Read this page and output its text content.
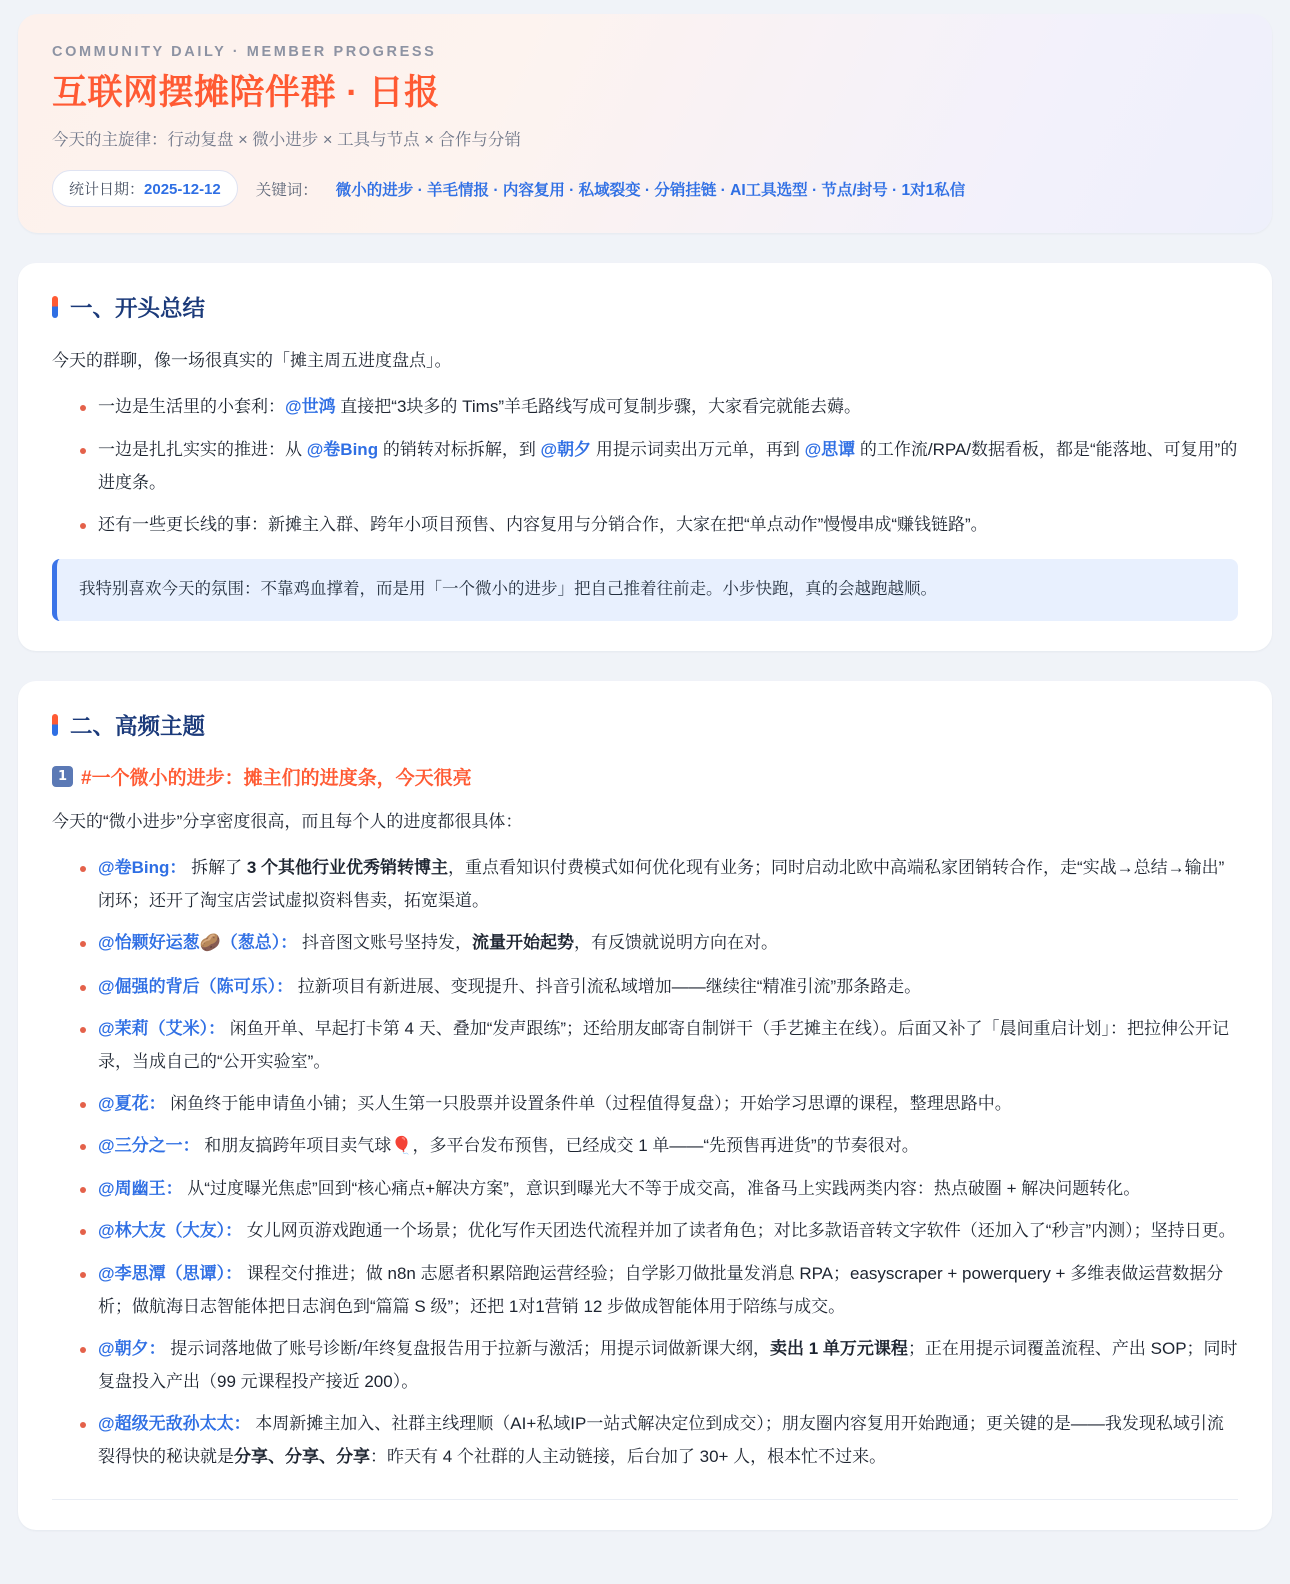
COMMUNITY DAILY · MEMBER PROGRESS
互联网摆摊陪伴群 · 日报
今天的主旋律：行动复盘 × 微小进步 × 工具与节点 × 合作与分销
统计日期：2025-12-12	关键词： 微小的进步 · 羊毛情报 · 内容复用 · 私域裂变 · 分销挂链 · AI工具选型 · 节点/封号 · 1对1私信
一、开头总结

今天的群聊，像一场很真实的「摊主周五进度盘点」。

一边是生活里的小套利：@世鸿 直接把“3块多的 Tims”羊毛路线写成可复制步骤，大家看完就能去薅。
一边是扎扎实实的推进：从 @卷Bing 的销转对标拆解，到 @朝夕 用提示词卖出万元单，再到 @思谭 的工作流/RPA/数据看板，都是“能落地、可复用”的进度条。
还有一些更长线的事：新摊主入群、跨年小项目预售、内容复用与分销合作，大家在把“单点动作”慢慢串成“赚钱链路”。
我特别喜欢今天的氛围：不靠鸡血撑着，而是用「一个微小的进步」把自己推着往前走。小步快跑，真的会越跑越顺。
二、高频主题
1 #一个微小的进步：摊主们的进度条，今天很亮

今天的“微小进步”分享密度很高，而且每个人的进度都很具体：

@卷Bing： 拆解了 3 个其他行业优秀销转博主，重点看知识付费模式如何优化现有业务；同时启动北欧中高端私家团销转合作，走“实战→总结→输出”闭环；还开了淘宝店尝试虚拟资料售卖，拓宽渠道。
@怡颗好运葱🥔（葱总）： 抖音图文账号坚持发，流量开始起势，有反馈就说明方向在对。
@倔强的背后（陈可乐）： 拉新项目有新进展、变现提升、抖音引流私域增加——继续往“精准引流”那条路走。
@茉莉（艾米）： 闲鱼开单、早起打卡第 4 天、叠加“发声跟练”；还给朋友邮寄自制饼干（手艺摊主在线）。后面又补了「晨间重启计划」：把拉伸公开记录，当成自己的“公开实验室”。
@夏花： 闲鱼终于能申请鱼小铺；买人生第一只股票并设置条件单（过程值得复盘）；开始学习思谭的课程，整理思路中。
@三分之一： 和朋友搞跨年项目卖气球🎈，多平台发布预售，已经成交 1 单——“先预售再进货”的节奏很对。
@周幽王： 从“过度曝光焦虑”回到“核心痛点+解决方案”，意识到曝光大不等于成交高，准备马上实践两类内容：热点破圈 + 解决问题转化。
@林大友（大友）： 女儿网页游戏跑通一个场景；优化写作天团迭代流程并加了读者角色；对比多款语音转文字软件（还加入了“秒言”内测）；坚持日更。
@李思潭（思谭）： 课程交付推进；做 n8n 志愿者积累陪跑运营经验；自学影刀做批量发消息 RPA；easyscraper + powerquery + 多维表做运营数据分析；做航海日志智能体把日志润色到“篇篇 S 级”；还把 1对1营销 12 步做成智能体用于陪练与成交。
@朝夕： 提示词落地做了账号诊断/年终复盘报告用于拉新与激活；用提示词做新课大纲，卖出 1 单万元课程；正在用提示词覆盖流程、产出 SOP；同时复盘投入产出（99 元课程投产接近 200）。
@超级无敌孙太太： 本周新摊主加入、社群主线理顺（AI+私域IP一站式解决定位到成交）；朋友圈内容复用开始跑通；更关键的是——我发现私域引流裂得快的秘诀就是分享、分享、分享：昨天有 4 个社群的人主动链接，后台加了 30+ 人，根本忙不过来。
